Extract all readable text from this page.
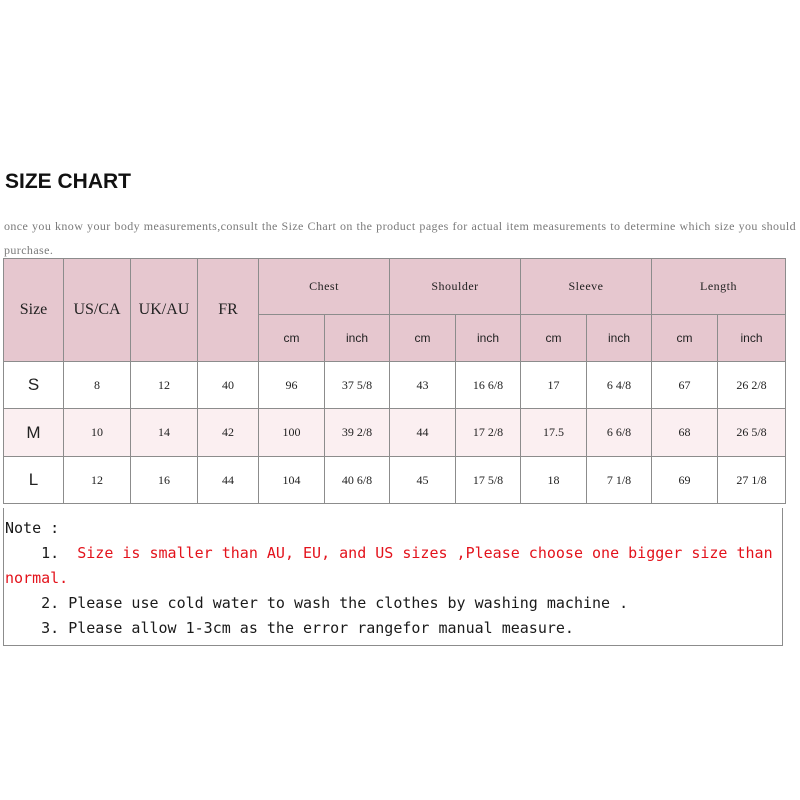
SIZE CHART
once you know your body measurements,consult the Size Chart on the product pages for actual item measurements to determine which size you should purchase.
Size	US/CA	UK/AU	FR	Chest		Shoulder		Sleeve		Length	
				cm	inch	cm	inch	cm	inch	cm	inch
S	8	12	40	96	37 5/8	43	16 6/8	17	6 4/8	67	26 2/8
M	10	14	42	100	39 2/8	44	17 2/8	17.5	6 6/8	68	26 5/8
L	12	16	44	104	40 6/8	45	17 5/8	18	7 1/8	69	27 1/8
Note :
1. Size is smaller than AU, EU, and US sizes ,Please choose one bigger size than normal.
2. Please use cold water to wash the clothes by washing machine .
3. Please allow 1-3cm as the error rangefor manual measure.
